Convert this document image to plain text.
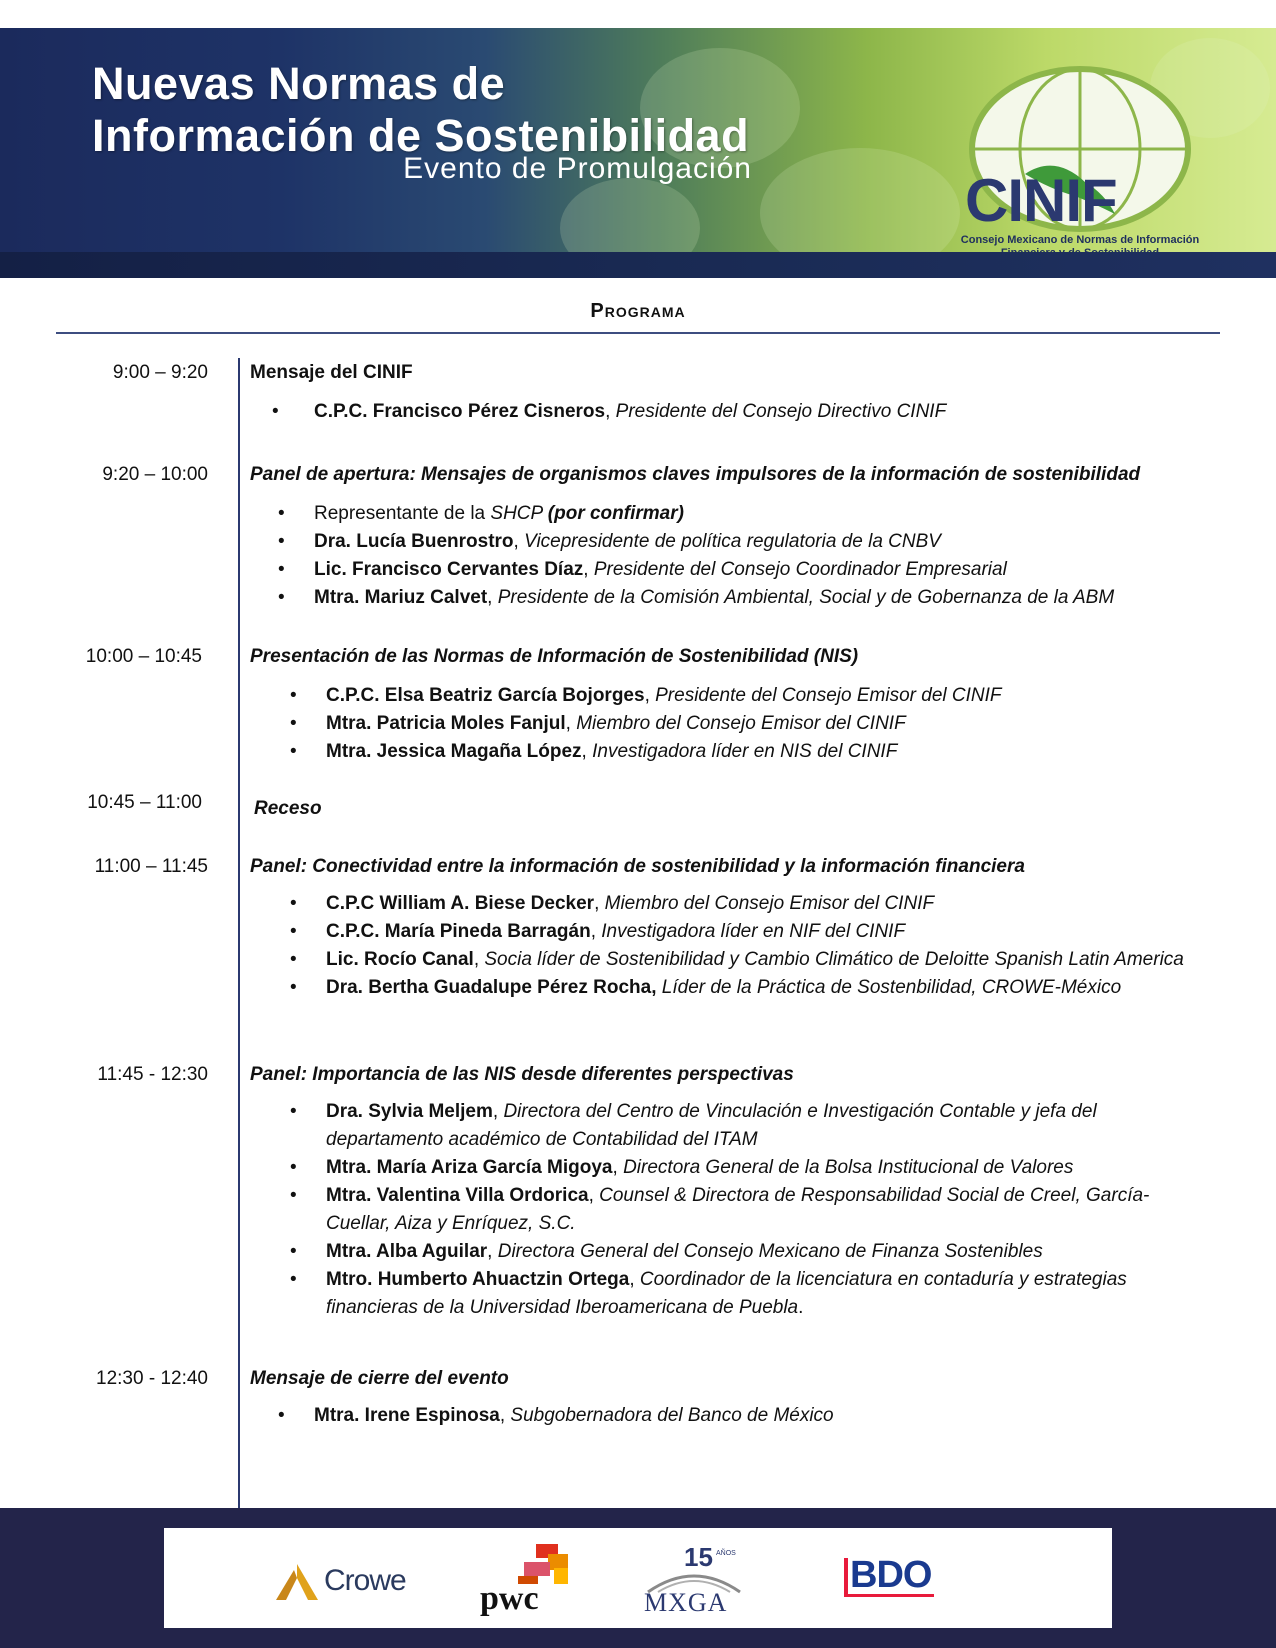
Nuevas Normas de
Información de Sostenibilidad
Evento de Promulgación	CINIF
Consejo Mexicano de Normas de Información
Programa
9:00 – 9:20 Mensaje del CINIF
• C.P.C. Francisco Pérez Cisneros, Presidente del Consejo Directivo CINIF
9:20 – 10:00 Panel de apertura: Mensajes de organismos claves impulsores de la información de sostenibilidad
• Representante de la SHCP (por confirmar)
• Dra. Lucía Buenrostro, Vicepresidente de política regulatoria de la CNBV
• Lic. Francisco Cervantes Díaz, Presidente del Consejo Coordinador Empresarial
• Mtra. Mariuz Calvet, Presidente de la Comisión Ambiental, Social y de Gobernanza de la ABM
10:00 – 10:45	Presentación de las Normas de Información de Sostenibilidad (NIS)
• C.P.C. Elsa Beatriz García Bojorges, Presidente del Consejo Emisor del CINIF
• Mtra. Patricia Moles Fanjul, Miembro del Consejo Emisor del CINIF
• Mtra. Jessica Magaña López, Investigadora líder en NIS del CINIF
10:45 – 11:00	Receso
11:00 – 11:45 Panel: Conectividad entre la información de sostenibilidad y la información financiera
• C.P.C William A. Biese Decker, Miembro del Consejo Emisor del CINIF
• C.P.C. María Pineda Barragán, Investigadora líder en NIF del CINIF
• Lic. Rocío Canal, Socia líder de Sostenibilidad y Cambio Climático de Deloitte Spanish Latin America
• Dra. Bertha Guadalupe Pérez Rocha, Líder de la Práctica de Sostenbilidad, CROWE-México
11:45 - 12:30 Panel: Importancia de las NIS desde diferentes perspectivas
• Dra. Sylvia Meljem, Directora del Centro de Vinculación e Investigación Contable y jefa del departamento académico de Contabilidad del ITAM
• Mtra. María Ariza García Migoya, Directora General de la Bolsa Institucional de Valores
• Mtra. Valentina Villa Ordorica, Counsel & Directora de Responsabilidad Social de Creel, García-Cuellar, Aiza y Enríquez, S.C.
• Mtra. Alba Aguilar, Directora General del Consejo Mexicano de Finanza Sostenibles
• Mtro. Humberto Ahuactzin Ortega, Coordinador de la licenciatura en contaduría y estrategias financieras de la Universidad Iberoamericana de Puebla.
12:30 - 12:40 Mensaje de cierre del evento
• Mtra. Irene Espinosa, Subgobernadora del Banco de México
Crowe pwc
15 AÑOS
MXGA
BDO
